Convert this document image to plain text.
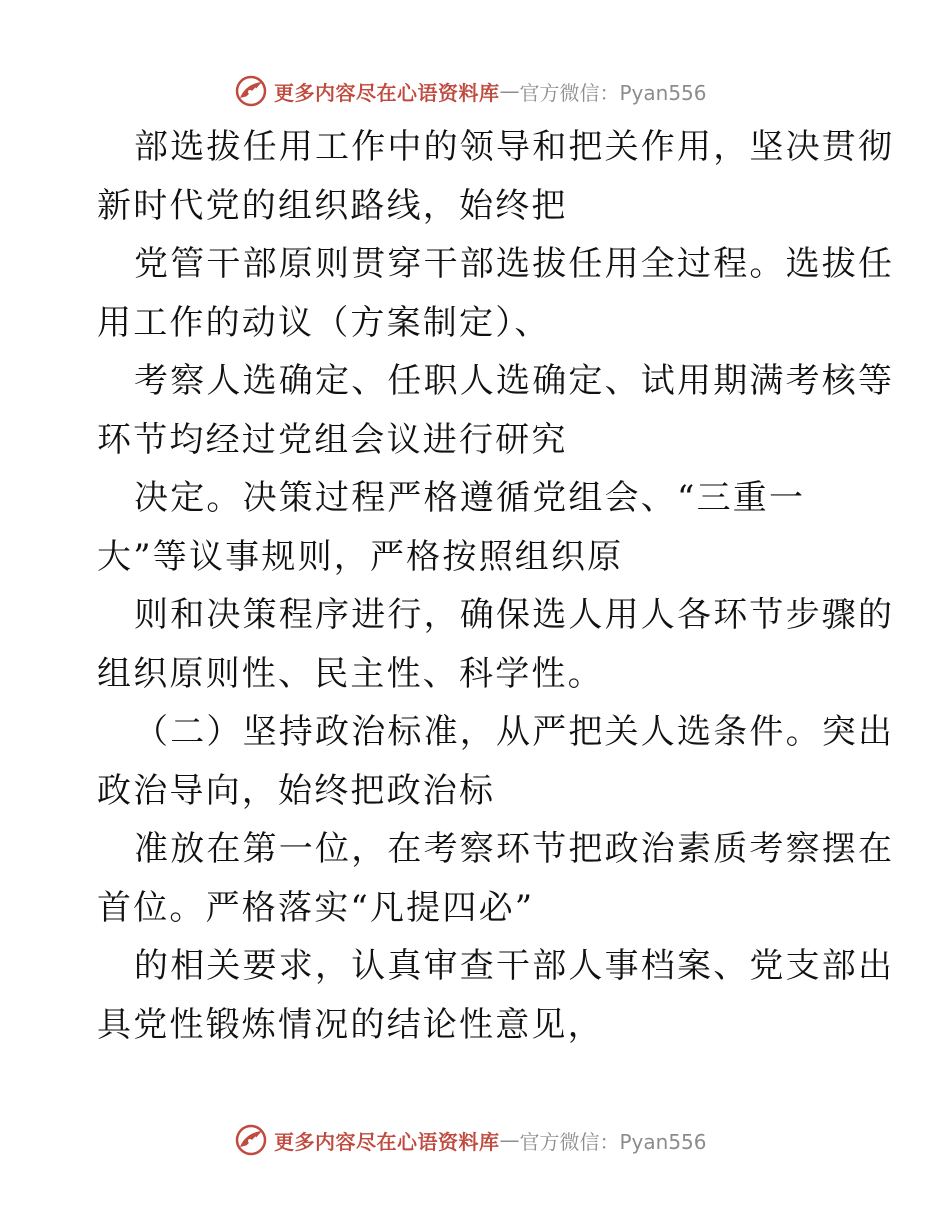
更多内容尽在心语资料库 — 官方微信：Pyan556
部选拔任用工作中的领导和把关作用，坚决贯彻
新时代党的组织路线，始终把
党管干部原则贯穿干部选拔任用全过程。选拔任
用工作的动议（方案制定）、
考察人选确定、任职人选确定、试用期满考核等
环节均经过党组会议进行研究
决定。决策过程严格遵循党组会、“三重一
大”等议事规则，严格按照组织原
则和决策程序进行，确保选人用人各环节步骤的
组织原则性、民主性、科学性。
（二）坚持政治标准，从严把关人选条件。突出
政治导向，始终把政治标
准放在第一位，在考察环节把政治素质考察摆在
首位。严格落实“凡提四必”
的相关要求，认真审查干部人事档案、党支部出
具党性锻炼情况的结论性意见，
更多内容尽在心语资料库 — 官方微信：Pyan556
